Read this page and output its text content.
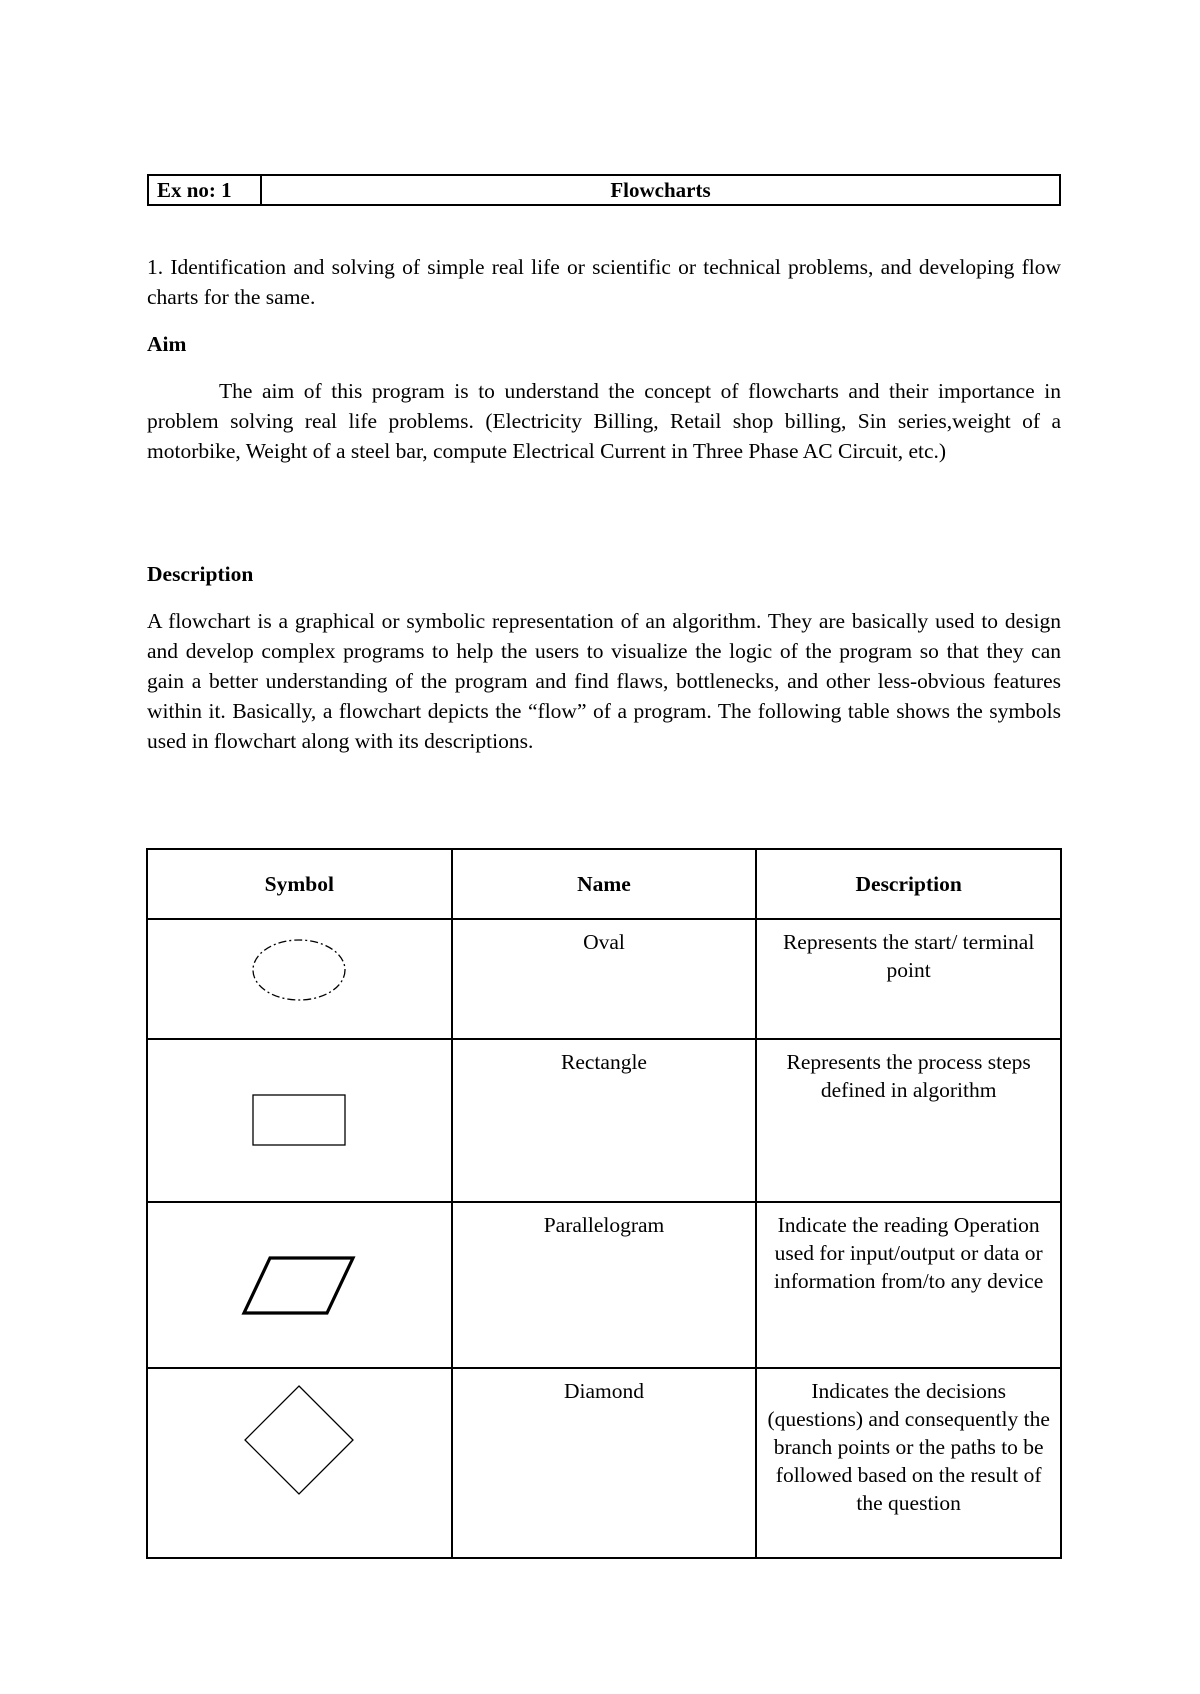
Ex no: 1	Flowcharts

1. Identification and solving of simple real life or scientific or technical problems, and developing flow charts for the same.

Aim

The aim of this program is to understand the concept of flowcharts and their importance in problem solving real life problems. (Electricity Billing, Retail shop billing, Sin series,weight of a motorbike, Weight of a steel bar, compute Electrical Current in Three Phase AC Circuit, etc.)

Description

A flowchart is a graphical or symbolic representation of an algorithm. They are basically used to design and develop complex programs to help the users to visualize the logic of the program so that they can gain a better understanding of the program and find flaws, bottlenecks, and other less-obvious features within it. Basically, a flowchart depicts the “flow” of a program. The following table shows the symbols used in flowchart along with its descriptions.

Symbol	Name	Description

Oval	Represents the start/ terminal point

Rectangle	Represents the process steps defined in algorithm

Parallelogram	Indicate the reading Operation used for input/output or data or information from/to any device

Diamond	Indicates the decisions (questions) and consequently the branch points or the paths to be followed based on the result of the question
